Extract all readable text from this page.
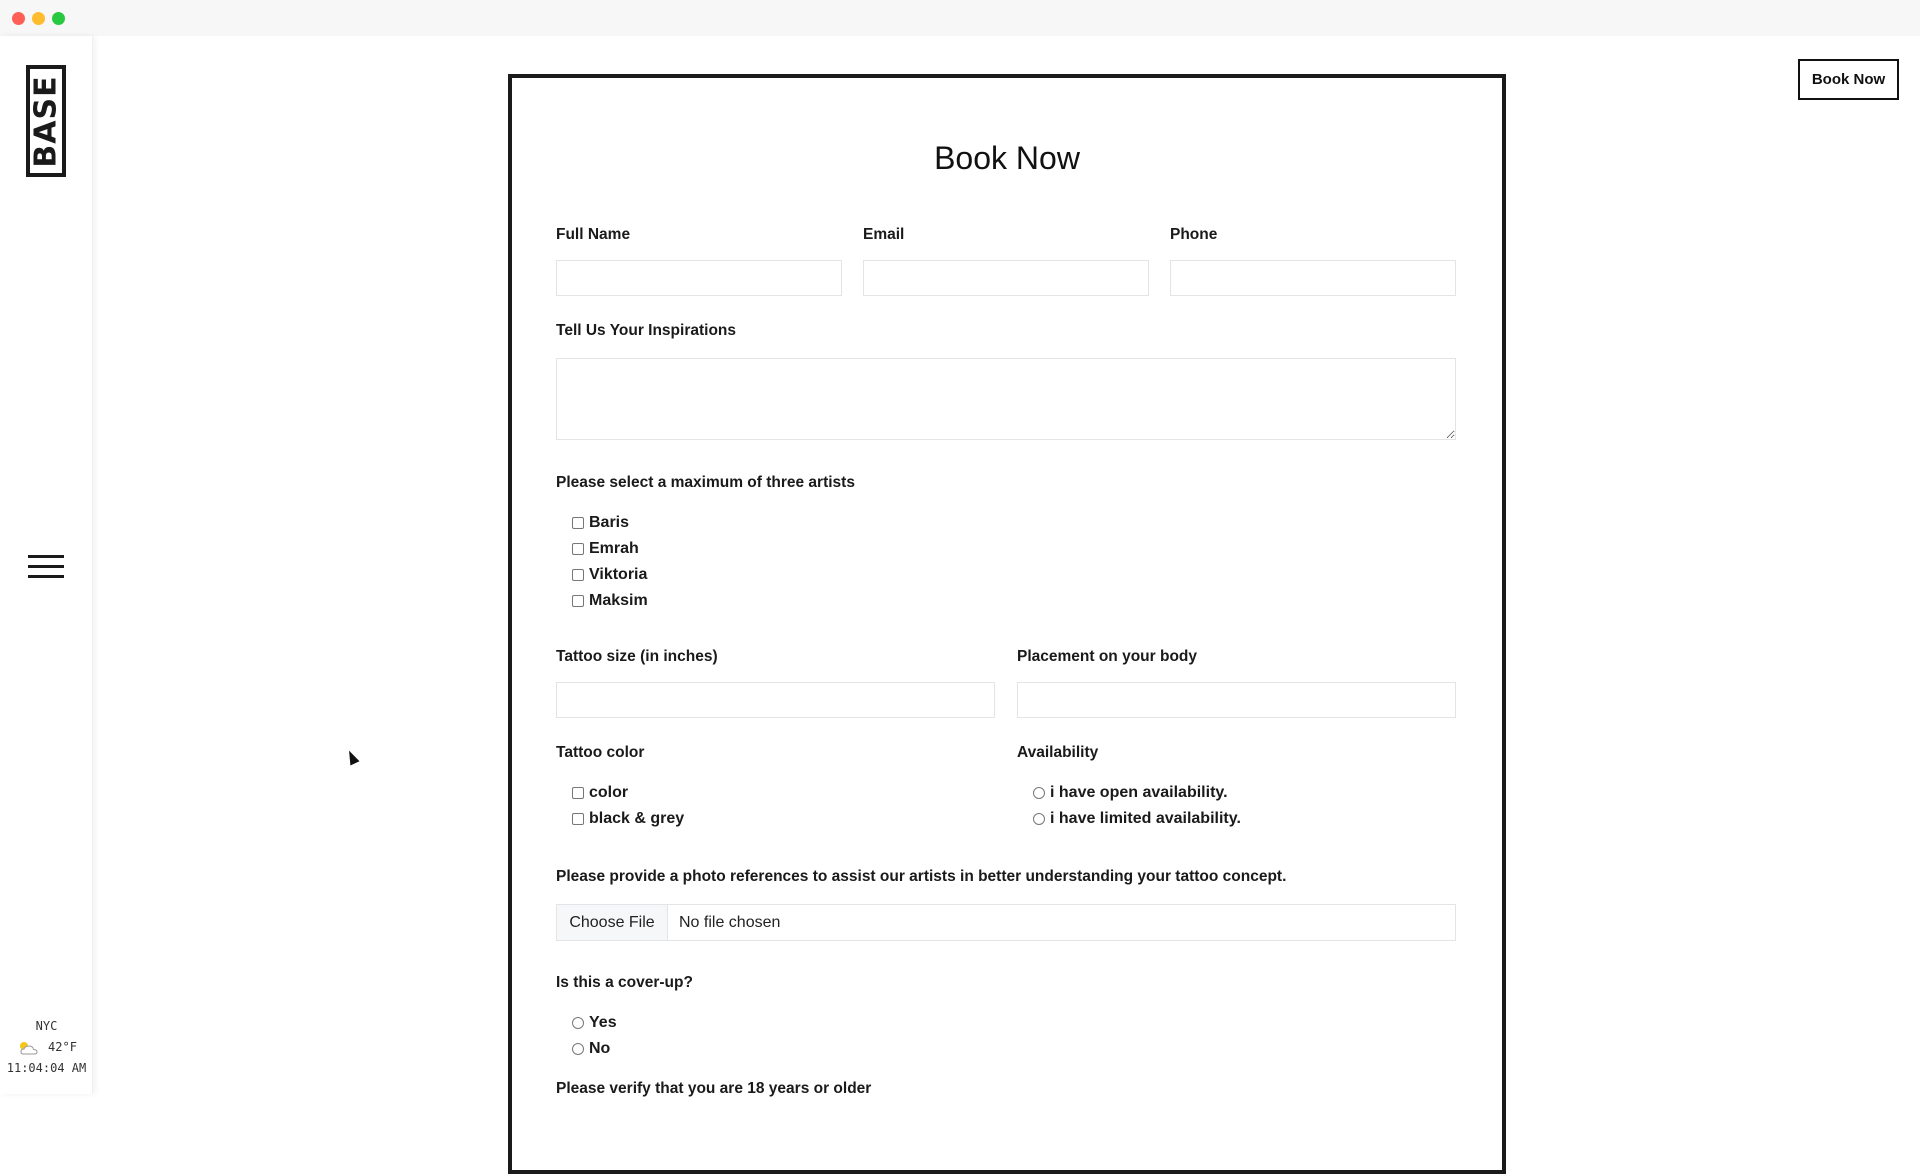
BASE
NYC
42°F
11:04:04 AM
Book Now
Book Now
Full Name	Email	Phone
Tell Us Your Inspirations
Please select a maximum of three artists
Baris
Emrah
Viktoria
Maksim
Tattoo size (in inches)	Placement on your body
Tattoo color
color
black & grey
Availability
i have open availability.
i have limited availability.
Please provide a photo references to assist our artists in better understanding your tattoo concept.
Choose File	No file chosen
Is this a cover-up?
Yes
No
Please verify that you are 18 years or older
